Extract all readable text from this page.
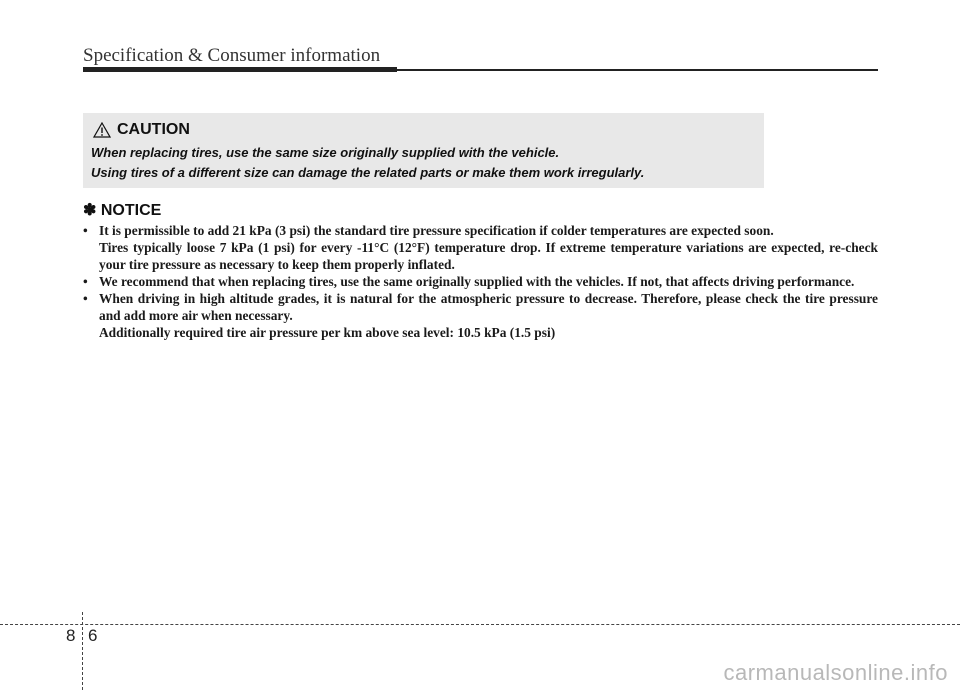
Specification & Consumer information
CAUTION
When replacing tires, use the same size originally supplied with the vehicle.
Using tires of a different size can damage the related parts or make them work irregularly.
✽ NOTICE
• It is permissible to add 21 kPa (3 psi) the standard tire pressure specification if colder temperatures are expected soon.

Tires typically loose 7 kPa (1 psi) for every -11°C (12°F) temperature drop. If extreme temperature variations are expected, re-check your tire pressure as necessary to keep them properly inflated.

• We recommend that when replacing tires, use the same originally supplied with the vehicles. If not, that affects driving performance.

• When driving in high altitude grades, it is natural for the atmospheric pressure to decrease. Therefore, please check the tire pressure and add more air when necessary.

Additionally required tire air pressure per km above sea level: 10.5 kPa (1.5 psi)

8 6
carmanualsonline.info
